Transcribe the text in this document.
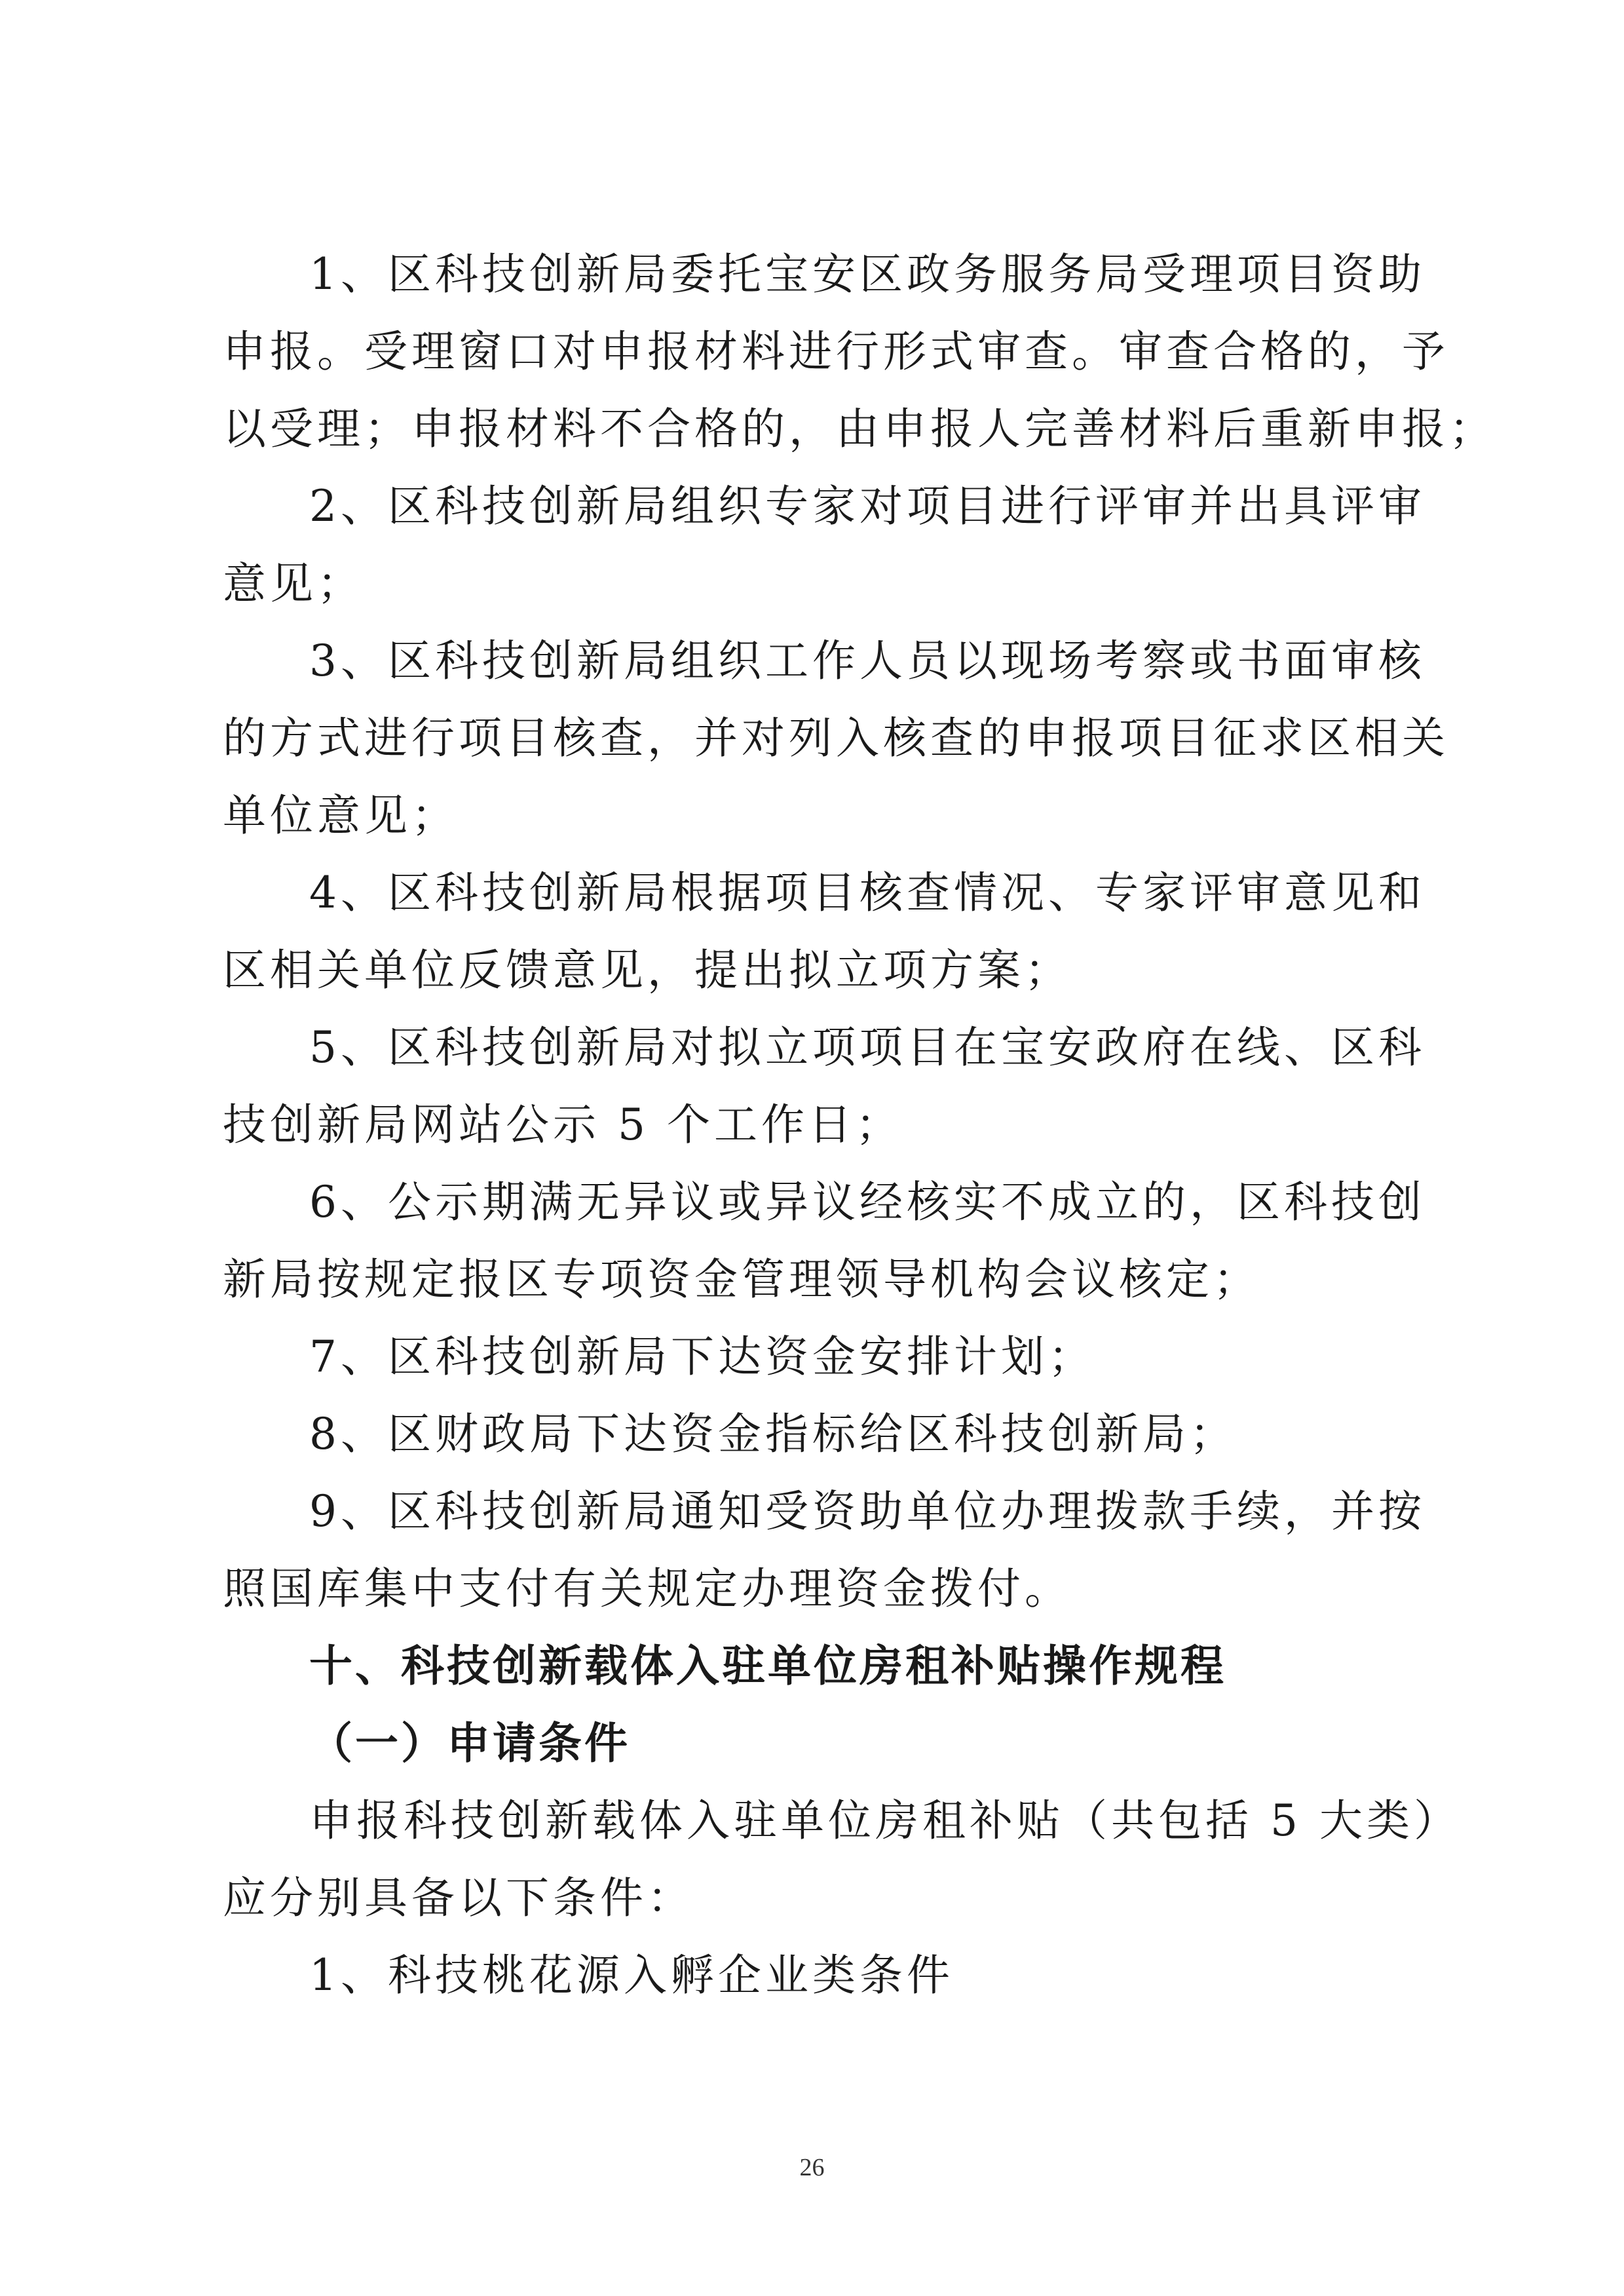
1、区科技创新局委托宝安区政务服务局受理项目资助
申报。受理窗口对申报材料进行形式审查。审查合格的，予
以受理；申报材料不合格的，由申报人完善材料后重新申报；
2、区科技创新局组织专家对项目进行评审并出具评审
意见；
3、区科技创新局组织工作人员以现场考察或书面审核
的方式进行项目核查，并对列入核查的申报项目征求区相关
单位意见；
4、区科技创新局根据项目核查情况、专家评审意见和
区相关单位反馈意见，提出拟立项方案；
5、区科技创新局对拟立项项目在宝安政府在线、区科
技创新局网站公示 5 个工作日；
6、公示期满无异议或异议经核实不成立的，区科技创
新局按规定报区专项资金管理领导机构会议核定；
7、区科技创新局下达资金安排计划；
8、区财政局下达资金指标给区科技创新局；
9、区科技创新局通知受资助单位办理拨款手续，并按
照国库集中支付有关规定办理资金拨付。
十、科技创新载体入驻单位房租补贴操作规程
（一）申请条件
申报科技创新载体入驻单位房租补贴（共包括 5 大类）
应分别具备以下条件：
1、科技桃花源入孵企业类条件
26
